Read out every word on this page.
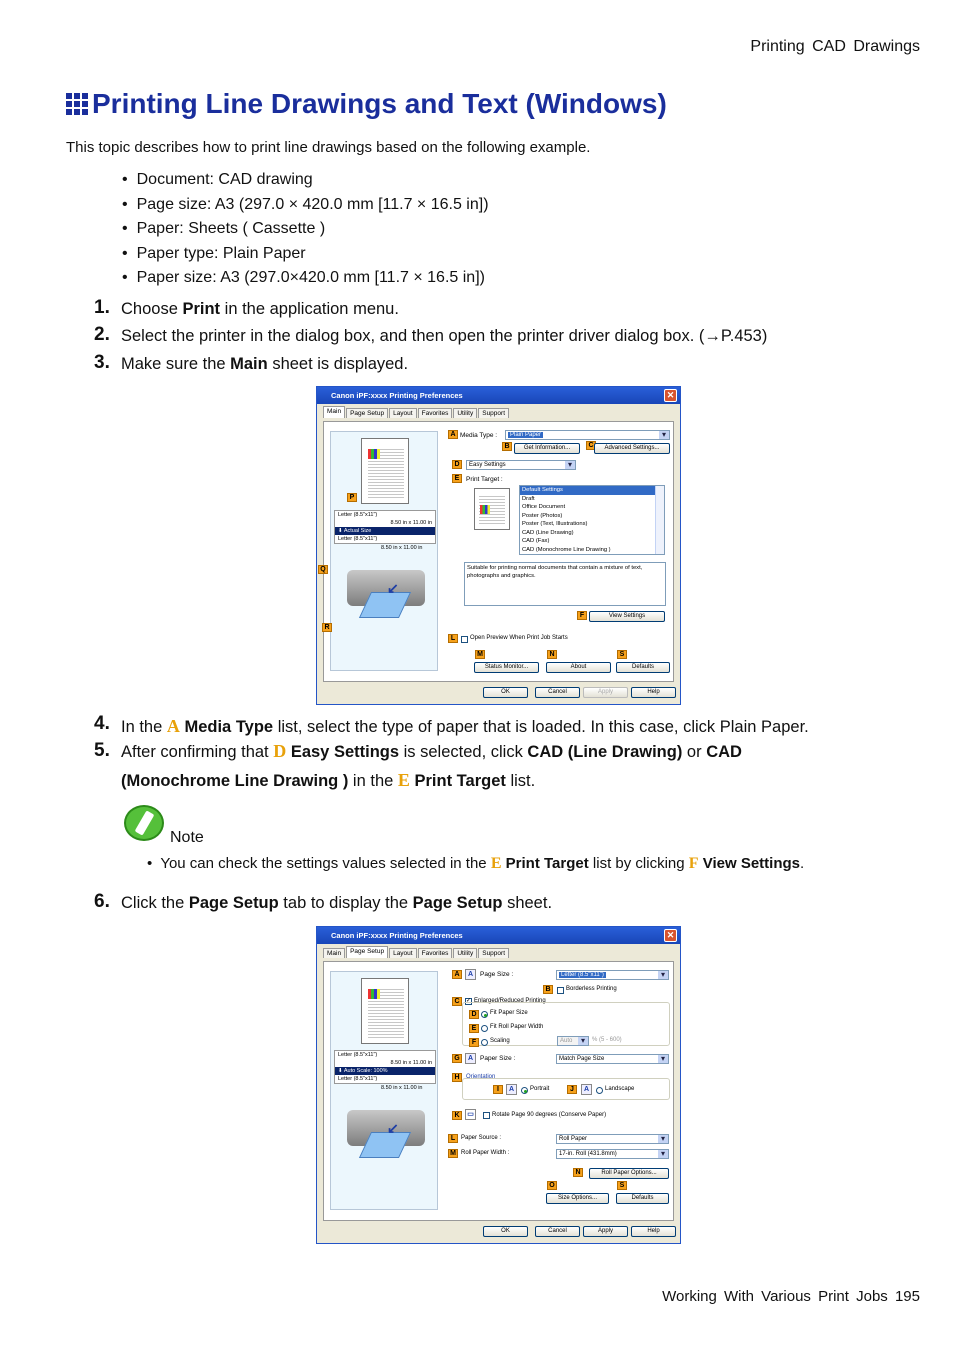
Printing CAD Drawings
Printing Line Drawings and Text (Windows)
This topic describes how to print line drawings based on the following example.
• Document: CAD drawing
• Page size: A3 (297.0 × 420.0 mm [11.7 × 16.5 in])
• Paper: Sheets ( Cassette )
• Paper type: Plain Paper
• Paper size: A3 (297.0×420.0 mm [11.7 × 16.5 in])
1. Choose Print in the application menu.
2. Select the printer in the dialog box, and then open the printer driver dialog box. (→P.453)
3. Make sure the Main sheet is displayed.
Canon iPF:xxxx Printing Preferences	✕
Main	Page Setup	Layout	Favorites	Utility	Support
Letter (8.5"x11")
8.50 in x 11.00 in
⬇ Actual Size
Letter (8.5"x11")
8.50 in x 11.00 in
↙
P
Q
R
A Media Type :	Plain Paper ▾
B	Get Information...	C	Advanced Settings...
D	Easy Settings ▾
E	Print Target :
Default Settings
Draft
Office Document
Poster (Photos)
Poster (Text, Illustrations)
CAD (Line Drawing)
CAD (Fax)
CAD (Monochrome Line Drawing )
Suitable for printing normal documents that contain a mixture of text, photographs and graphics.
F	View Settings
L	Open Preview When Print Job Starts
M	N	S
Status Monitor...	About	Defaults
OK	Cancel	Apply	Help
4. In the A Media Type list, select the type of paper that is loaded. In this case, click Plain Paper.
5. After confirming that D Easy Settings is selected, click CAD (Line Drawing) or CAD
(Monochrome Line Drawing ) in the E Print Target list.
Note
•  You can check the settings values selected in the E Print Target list by clicking F View Settings.
6. Click the Page Setup tab to display the Page Setup sheet.
Canon iPF:xxxx Printing Preferences	✕
Main	Page Setup	Layout	Favorites	Utility	Support
Letter (8.5"x11")
8.50 in x 11.00 in
⬇ Auto Scale: 100%
Letter (8.5"x11")
8.50 in x 11.00 in
↙
A	A	Page Size :	Letter (8.5"x11") ▾
B	Borderless Printing
C	✓ Enlarged/Reduced Printing
D	Fit Paper Size
E	Fit Roll Paper Width
F	Scaling	Auto ▾	% (5 - 600)
G	A	Paper Size :	Match Page Size ▾
H	Orientation
I	A	Portrait	J	A	Landscape
K	▭	Rotate Page 90 degrees (Conserve Paper)
L Paper Source :	Roll Paper ▾
M Roll Paper Width :	17-in. Roll (431.8mm) ▾
N	Roll Paper Options...
O	S
Size Options...	Defaults
OK	Cancel	Apply	Help
Working With Various Print Jobs 195
